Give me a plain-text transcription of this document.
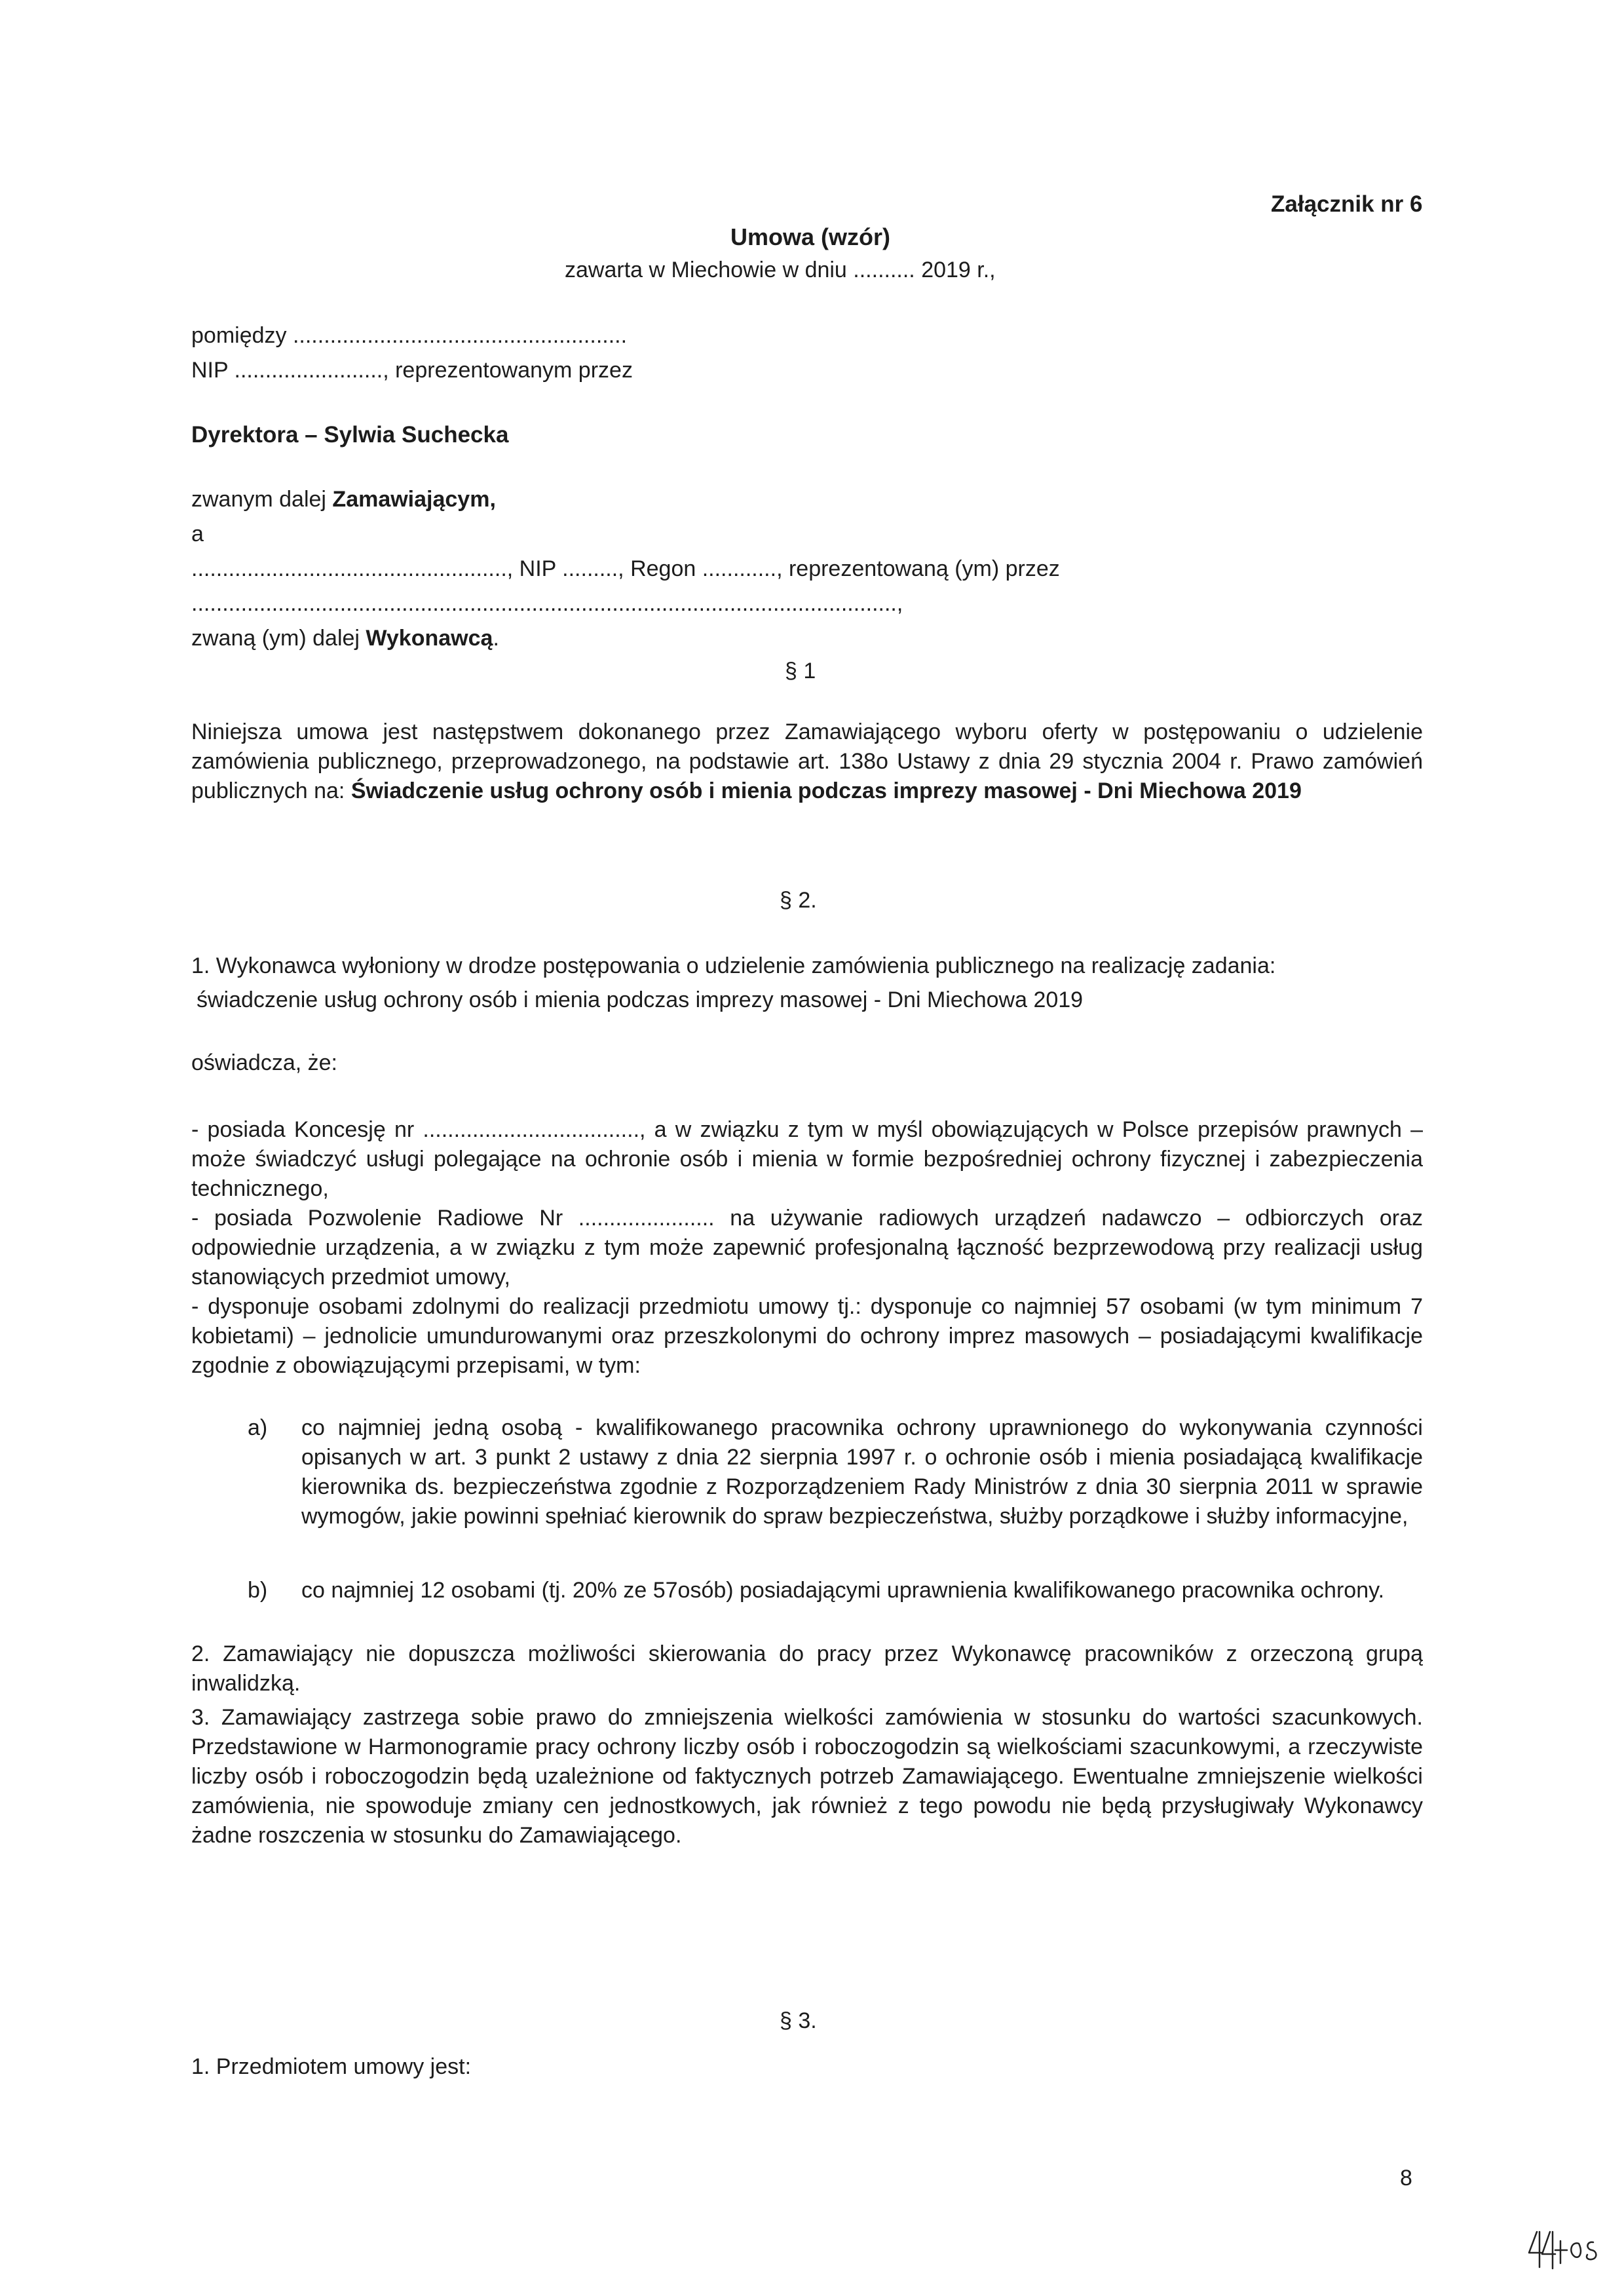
Załącznik nr 6
Umowa (wzór)
zawarta w Miechowie w dniu .......... 2019 r.,
pomiędzy ......................................................
NIP ........................, reprezentowanym przez
Dyrektora – Sylwia Suchecka
zwanym dalej Zamawiającym,
a
..................................................., NIP ........., Regon ............, reprezentowaną (ym) przez
..................................................................................................................,
zwaną (ym) dalej Wykonawcą.
§ 1
Niniejsza umowa jest następstwem dokonanego przez Zamawiającego wyboru oferty w postępowaniu o udzielenie zamówienia publicznego, przeprowadzonego, na podstawie art. 138o Ustawy z dnia 29 stycznia 2004 r. Prawo zamówień publicznych na: Świadczenie usług ochrony osób i mienia podczas imprezy masowej - Dni Miechowa 2019
§ 2.
1. Wykonawca wyłoniony w drodze postępowania o udzielenie zamówienia publicznego na realizację zadania:
świadczenie usług ochrony osób i mienia podczas imprezy masowej - Dni Miechowa 2019
oświadcza, że:
- posiada Koncesję nr ..................................., a w związku z tym w myśl obowiązujących w Polsce przepisów prawnych – może świadczyć usługi polegające na ochronie osób i mienia w formie bezpośredniej ochrony fizycznej i zabezpieczenia technicznego,
- posiada Pozwolenie Radiowe Nr ...................... na używanie radiowych urządzeń nadawczo – odbiorczych oraz odpowiednie urządzenia, a w związku z tym może zapewnić profesjonalną łączność bezprzewodową przy realizacji usług stanowiących przedmiot umowy,
- dysponuje osobami zdolnymi do realizacji przedmiotu umowy tj.: dysponuje co najmniej 57 osobami (w tym minimum 7 kobietami) – jednolicie umundurowanymi oraz przeszkolonymi do ochrony imprez masowych – posiadającymi kwalifikacje zgodnie z obowiązującymi przepisami, w tym:
a) co najmniej jedną osobą - kwalifikowanego pracownika ochrony uprawnionego do wykonywania czynności opisanych w art. 3 punkt 2 ustawy z dnia 22 sierpnia 1997 r. o ochronie osób i mienia posiadającą kwalifikacje kierownika ds. bezpieczeństwa zgodnie z Rozporządzeniem Rady Ministrów z dnia 30 sierpnia 2011 w sprawie wymogów, jakie powinni spełniać kierownik do spraw bezpieczeństwa, służby porządkowe i służby informacyjne,
b) co najmniej 12 osobami (tj. 20% ze 57osób) posiadającymi uprawnienia kwalifikowanego pracownika ochrony.
2. Zamawiający nie dopuszcza możliwości skierowania do pracy przez Wykonawcę pracowników z orzeczoną grupą inwalidzką.
3. Zamawiający zastrzega sobie prawo do zmniejszenia wielkości zamówienia w stosunku do wartości szacunkowych. Przedstawione w Harmonogramie pracy ochrony liczby osób i roboczogodzin są wielkościami szacunkowymi, a rzeczywiste liczby osób i roboczogodzin będą uzależnione od faktycznych potrzeb Zamawiającego. Ewentualne zmniejszenie wielkości zamówienia, nie spowoduje zmiany cen jednostkowych, jak również z tego powodu nie będą przysługiwały Wykonawcy żadne roszczenia w stosunku do Zamawiającego.
§ 3.
1. Przedmiotem umowy jest:
8
